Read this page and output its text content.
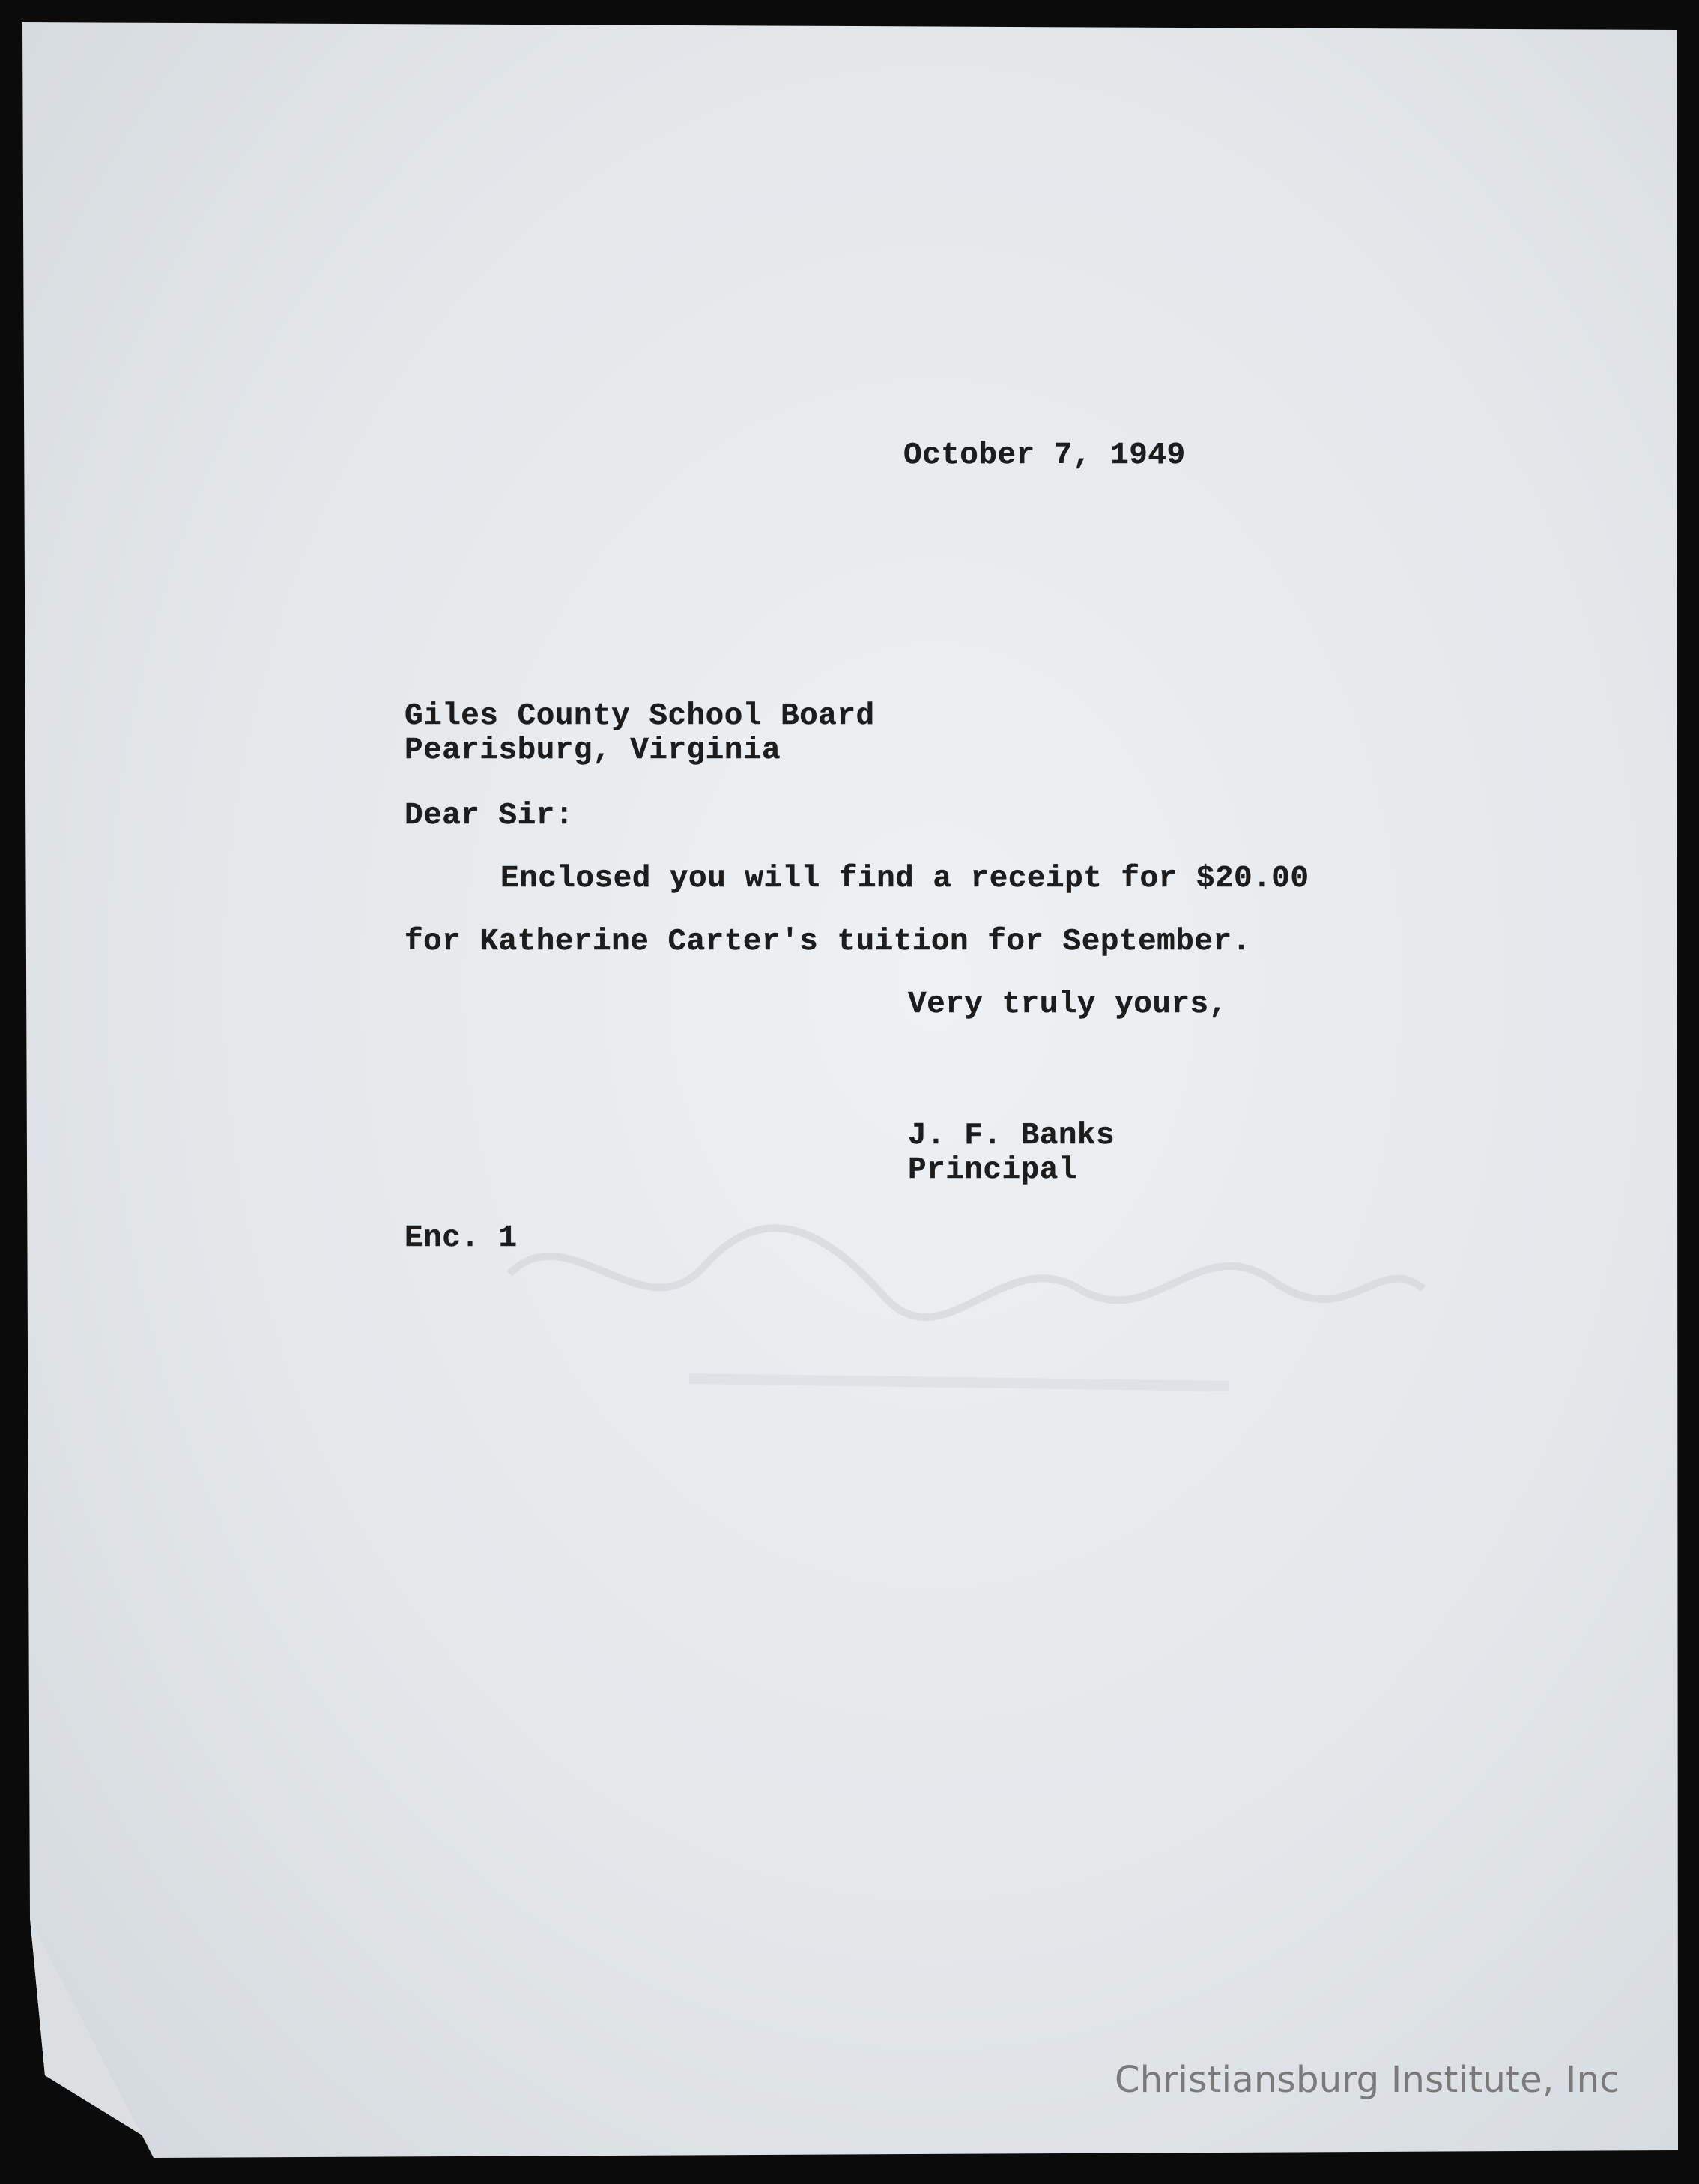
October 7, 1949

Giles County School Board

Pearisburg, Virginia

Dear Sir:

Enclosed you will find a receipt for $20.00

for Katherine Carter's tuition for September.

Very truly yours,

J. F. Banks

Principal

Enc. 1

Christiansburg Institute, Inc
